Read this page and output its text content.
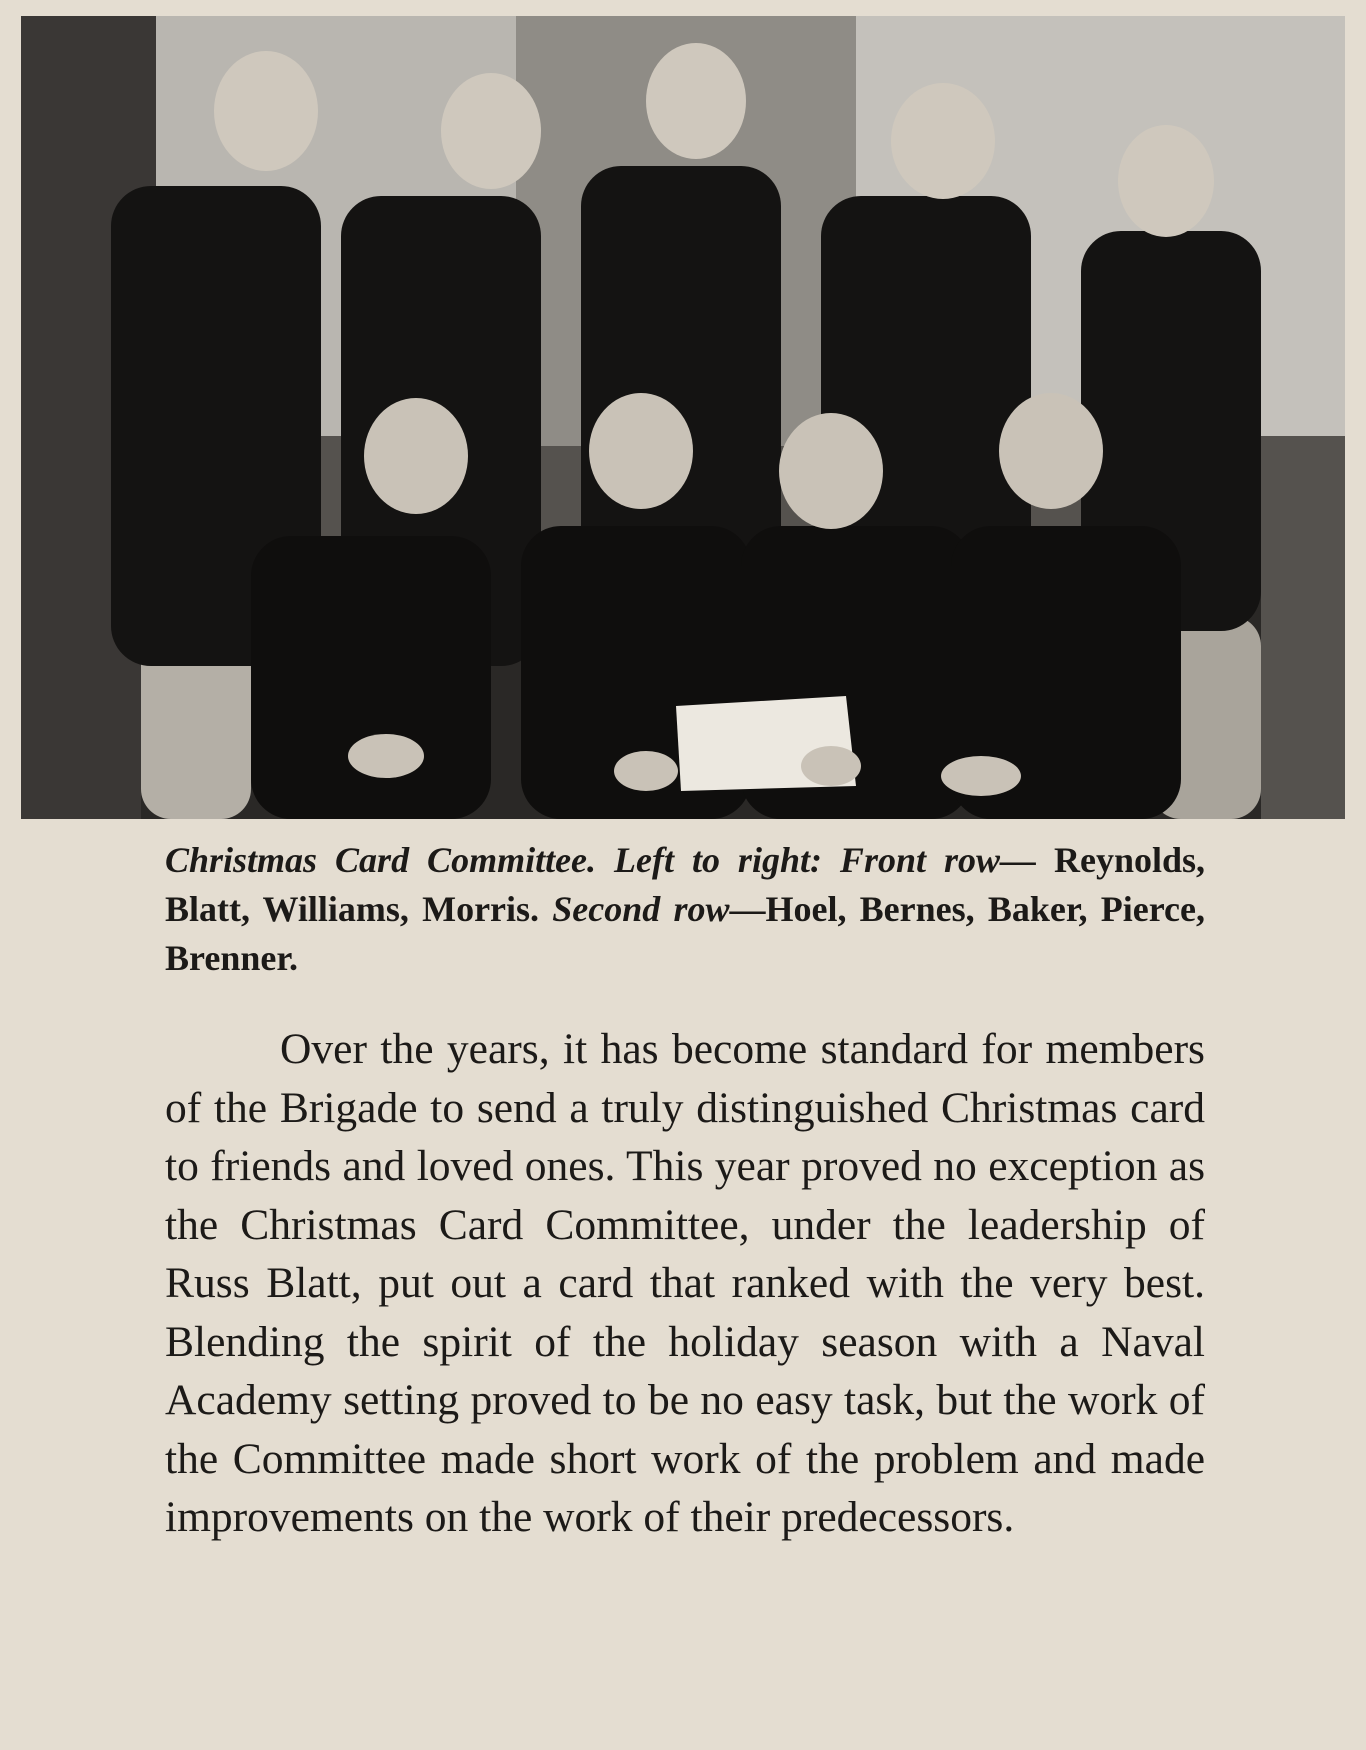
Christmas Card Committee. Left to right: Front row— Reynolds, Blatt, Williams, Morris. Second row—Hoel, Bernes, Baker, Pierce, Brenner.

Over the years, it has become standard for members of the Brigade to send a truly distinguished Christmas card to friends and loved ones. This year proved no exception as the Christmas Card Committee, under the leadership of Russ Blatt, put out a card that ranked with the very best. Blending the spirit of the holiday season with a Naval Academy setting proved to be no easy task, but the work of the Committee made short work of the problem and made improvements on the work of their predecessors.
